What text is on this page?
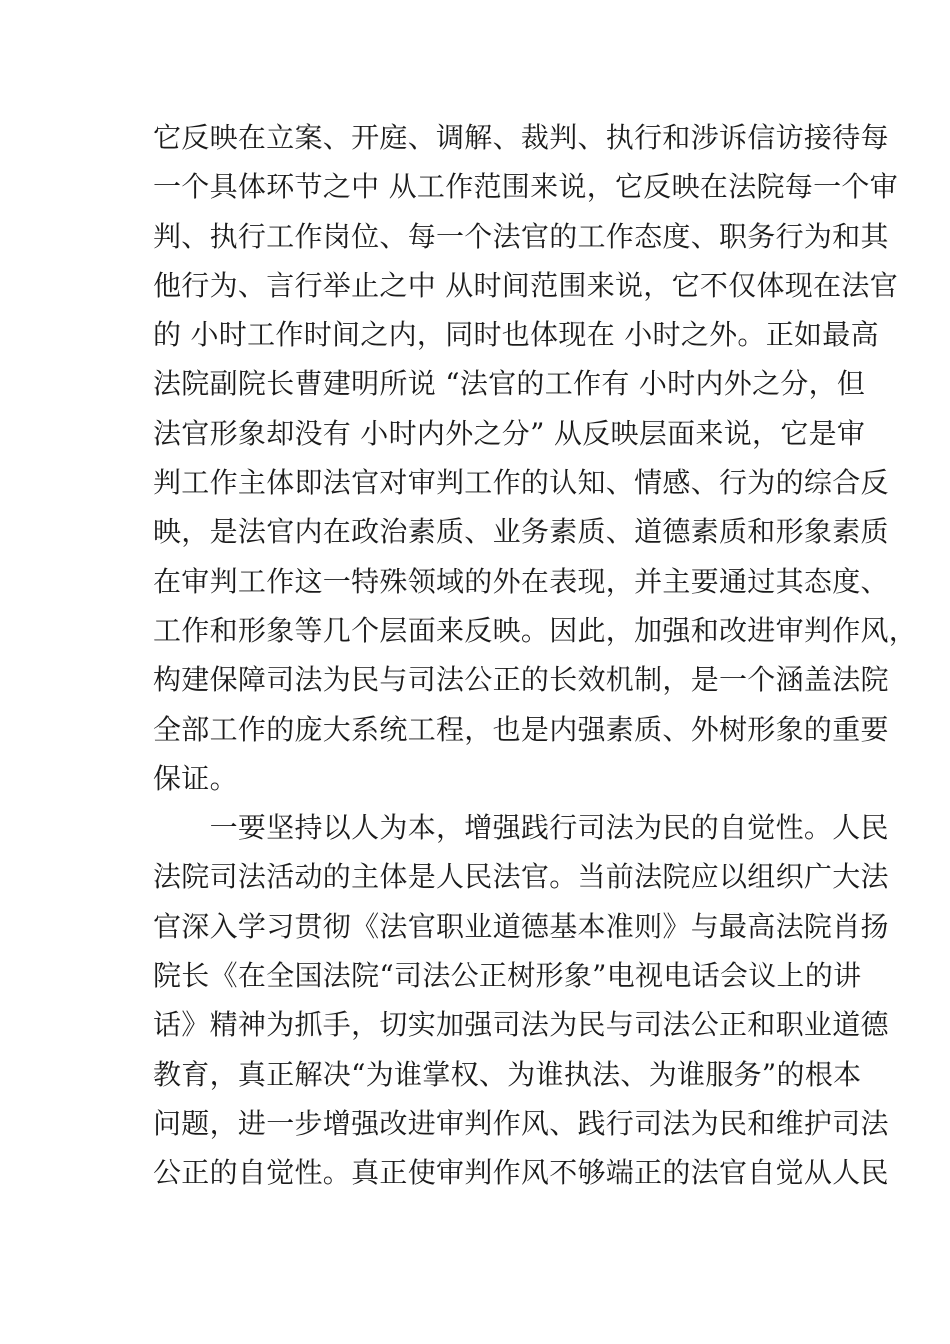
它反映在立案、开庭、调解、裁判、执行和涉诉信访接待每
一个具体环节之中 从工作范围来说，它反映在法院每一个审
判、执行工作岗位、每一个法官的工作态度、职务行为和其
他行为、言行举止之中 从时间范围来说，它不仅体现在法官
的 小时工作时间之内，同时也体现在 小时之外。正如最高
法院副院长曹建明所说 “法官的工作有 小时内外之分，但
法官形象却没有 小时内外之分” 从反映层面来说，它是审
判工作主体即法官对审判工作的认知、情感、行为的综合反
映，是法官内在政治素质、业务素质、道德素质和形象素质
在审判工作这一特殊领域的外在表现，并主要通过其态度、
工作和形象等几个层面来反映。因此，加强和改进审判作风，
构建保障司法为民与司法公正的长效机制，是一个涵盖法院
全部工作的庞大系统工程，也是内强素质、外树形象的重要
保证。
　　一要坚持以人为本，增强践行司法为民的自觉性。人民
法院司法活动的主体是人民法官。当前法院应以组织广大法
官深入学习贯彻《法官职业道德基本准则》与最高法院肖扬
院长《在全国法院“司法公正树形象”电视电话会议上的讲
话》精神为抓手，切实加强司法为民与司法公正和职业道德
教育，真正解决“为谁掌权、为谁执法、为谁服务”的根本
问题，进一步增强改进审判作风、践行司法为民和维护司法
公正的自觉性。真正使审判作风不够端正的法官自觉从人民
